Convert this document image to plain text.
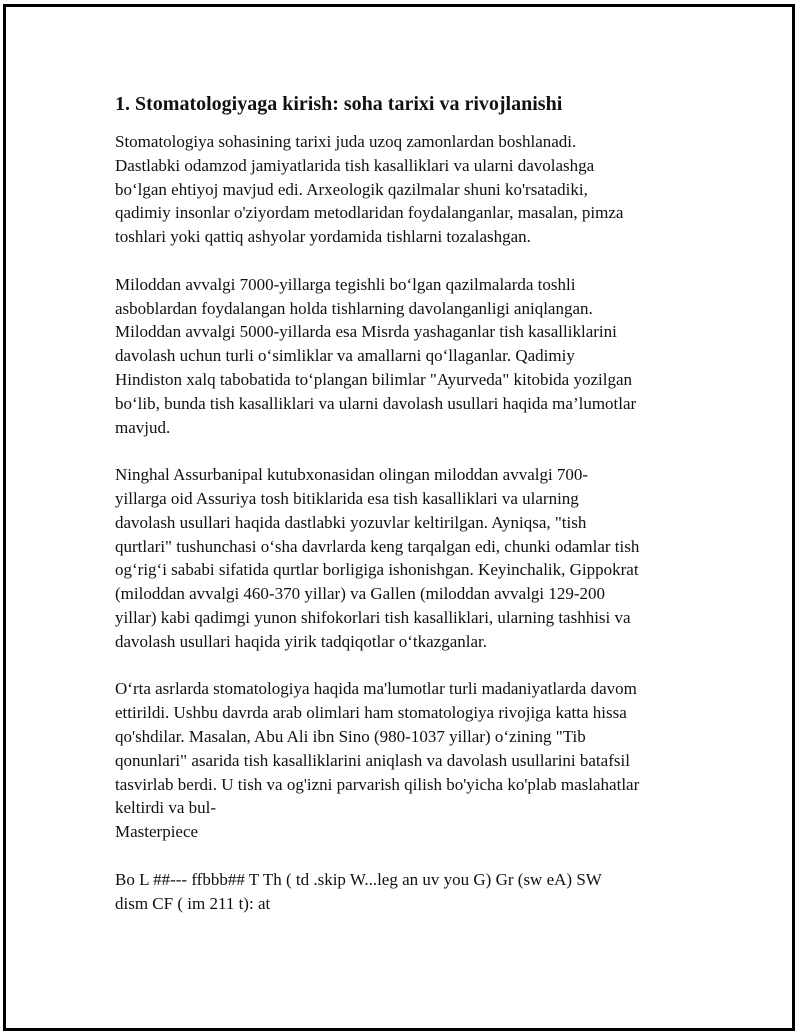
1. Stomatologiyaga kirish: soha tarixi va rivojlanishi

Stomatologiya sohasining tarixi juda uzoq zamonlardan boshlanadi.
Dastlabki odamzod jamiyatlarida tish kasalliklari va ularni davolashga
bo‘lgan ehtiyoj mavjud edi. Arxeologik qazilmalar shuni ko'rsatadiki,
qadimiy insonlar o'ziyordam metodlaridan foydalanganlar, masalan, pimza
toshlari yoki qattiq ashyolar yordamida tishlarni tozalashgan.

Miloddan avvalgi 7000-yillarga tegishli bo‘lgan qazilmalarda toshli
asboblardan foydalangan holda tishlarning davolanganligi aniqlangan.
Miloddan avvalgi 5000-yillarda esa Misrda yashaganlar tish kasalliklarini
davolash uchun turli o‘simliklar va amallarni qo‘llaganlar. Qadimiy
Hindiston xalq tabobatida to‘plangan bilimlar "Ayurveda" kitobida yozilgan
bo‘lib, bunda tish kasalliklari va ularni davolash usullari haqida ma’lumotlar
mavjud.

Ninghal Assurbanipal kutubxonasidan olingan miloddan avvalgi 700-
yillarga oid Assuriya tosh bitiklarida esa tish kasalliklari va ularning
davolash usullari haqida dastlabki yozuvlar keltirilgan. Ayniqsa, "tish
qurtlari" tushunchasi o‘sha davrlarda keng tarqalgan edi, chunki odamlar tish
og‘rig‘i sababi sifatida qurtlar borligiga ishonishgan. Keyinchalik, Gippokrat
(miloddan avvalgi 460-370 yillar) va Gallen (miloddan avvalgi 129-200
yillar) kabi qadimgi yunon shifokorlari tish kasalliklari, ularning tashhisi va
davolash usullari haqida yirik tadqiqotlar o‘tkazganlar.

O‘rta asrlarda stomatologiya haqida ma'lumotlar turli madaniyatlarda davom
ettirildi. Ushbu davrda arab olimlari ham stomatologiya rivojiga katta hissa
qo'shdilar. Masalan, Abu Ali ibn Sino (980-1037 yillar) o‘zining "Tib
qonunlari" asarida tish kasalliklarini aniqlash va davolash usullarini batafsil
tasvirlab berdi. U tish va og'izni parvarish qilish bo'yicha ko'plab maslahatlar
keltirdi va bul-
Masterpiece

Bo L ##--- ffbbb## T Th ( td .skip W...leg an uv you G) Gr (sw eA) SW
dism CF ( im 211 t): at
